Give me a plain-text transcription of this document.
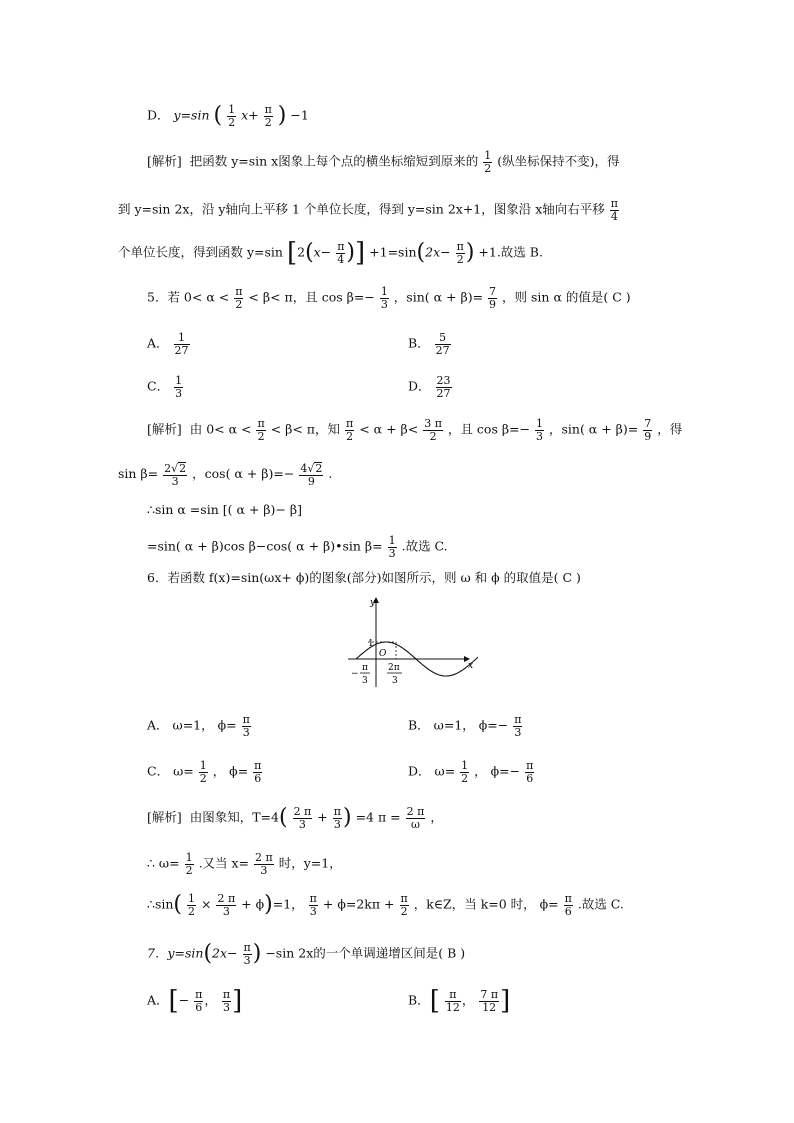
D． y=sin ( $\frac{1}{2} x+ \frac{\pi}{2}$ ) −1
[解析] 把函数 y=sin x图象上每个点的横坐标缩短到原来的 $\frac{1}{2}$ (纵坐标保持不变)，得
到 y=sin 2x，沿 y轴向上平移 1 个单位长度，得到 y=sin 2x+1，图象沿 x轴向右平移 $\frac{\pi}{4}$
个单位长度，得到函数 y=sin [$2(x- \frac{\pi}{4}$ )] $+1=\sin(2x- \frac{\pi}{2}$ ) +1.故选 B.
5．若 $0< \alpha < \frac{\pi}{2} < \beta< \pi$，且 $\cos \beta=- \frac{1}{3}$ ，sin( $\alpha + \beta)= \frac{7}{9}$ ，则 sin α 的值是( C )
A． $\frac{1}{27}$	B． $\frac{5}{27}$
C． $\frac{1}{3}$	D． $\frac{23}{27}$
[解析] 由 $0< \alpha < \frac{\pi}{2} < \beta< \pi$，知 $\frac{\pi}{2} < \alpha + \beta< \frac{3 \pi}{2}$ ，且 $\cos \beta=- \frac{1}{3}$ ，sin( $\alpha + \beta)= \frac{7}{9}$ ，得
$\sin \beta= \frac{2√2}{3}$ ，cos( $\alpha + \beta)=- \frac{4√2}{9}$ .
∴sin α =sin [( α + β)− β]
=sin( α + β)cos β−cos( α + β)•sin $\beta= \frac{1}{3}$ .故选 C.
6．若函数 f(x)=sin(ωx+ ϕ)的图象(部分)如图所示，则 ω 和 ϕ 的取值是( C )
y
x
1
O
−
π
3
2π
3
A． ω=1， $\phi= \frac{\pi}{3}$	B． ω=1， $\phi=- \frac{\pi}{3}$
C． $\omega= \frac{1}{2}$ ， $\phi= \frac{\pi}{6}$	D． $\omega= \frac{1}{2}$ ， $\phi=- \frac{\pi}{6}$
[解析] 由图象知，$T=4( \frac{2 \pi}{3} + \frac{\pi}{3}$ ) =4 $\pi = \frac{2 \pi}{\omega}$ ，
∴ $\omega= \frac{1}{2}$ .又当 $x= \frac{2 \pi}{3}$ 时，y=1，
∴sin( $\frac{1}{2} \times \frac{2 \pi}{3} + \phi)=1$， $\frac{\pi}{3} + \phi=2k\pi + \frac{\pi}{2}$ ，k∈Z，当 k=0 时， $\phi= \frac{\pi}{6}$ .故选 C.
7．$y=\sin(2x- \frac{\pi}{3}$ ) −sin 2x的一个单调递增区间是( B )
A．[− $\frac{\pi}{6}$ ， $\frac{\pi}{3}$ ]	B．[ $\frac{\pi}{12}$ ， $\frac{7 \pi}{12}$ ]
